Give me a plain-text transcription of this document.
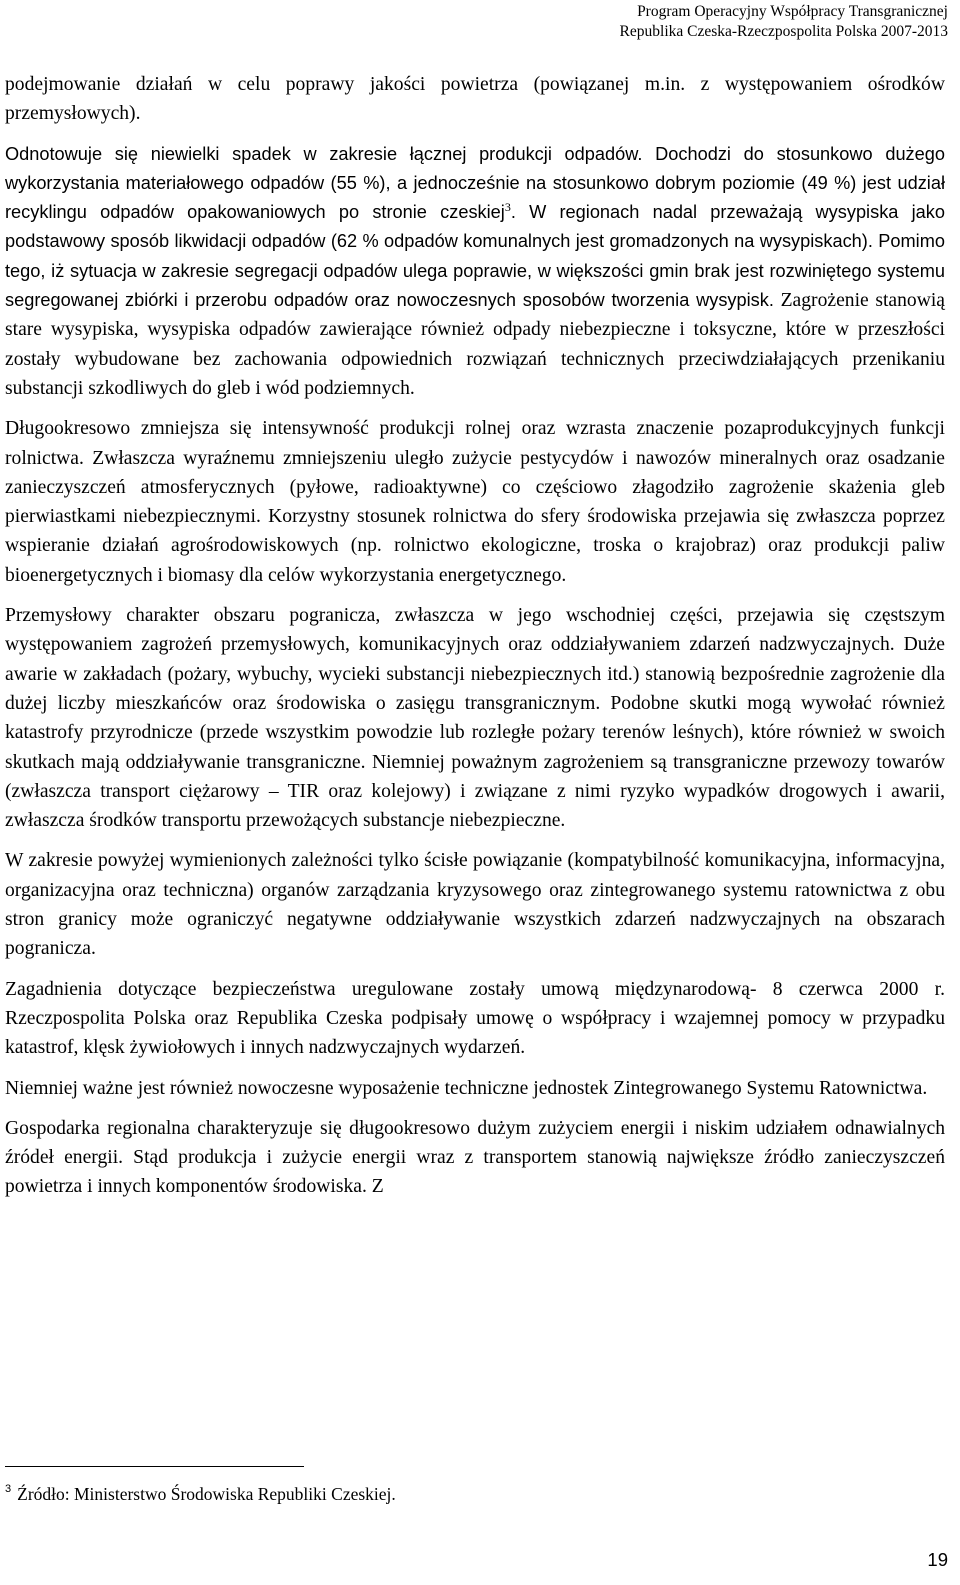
Program Operacyjny Współpracy Transgranicznej
Republika Czeska-Rzeczpospolita Polska 2007-2013

podejmowanie działań w celu poprawy jakości powietrza (powiązanej m.in. z występowaniem ośrodków przemysłowych).

Odnotowuje się niewielki spadek w zakresie łącznej produkcji odpadów. Dochodzi do stosunkowo dużego wykorzystania materiałowego odpadów (55 %), a jednocześnie na stosunkowo dobrym poziomie (49 %) jest udział recyklingu odpadów opakowaniowych po stronie czeskiej$^3$. W regionach nadal przeważają wysypiska jako podstawowy sposób likwidacji odpadów (62 % odpadów komunalnych jest gromadzonych na wysypiskach). Pomimo tego, iż sytuacja w zakresie segregacji odpadów ulega poprawie, w większości gmin brak jest rozwiniętego systemu segregowanej zbiórki i przerobu odpadów oraz nowoczesnych sposobów tworzenia wysypisk. Zagrożenie stanowią stare wysypiska, wysypiska odpadów zawierające również odpady niebezpieczne i toksyczne, które w przeszłości zostały wybudowane bez zachowania odpowiednich rozwiązań technicznych przeciwdziałających przenikaniu substancji szkodliwych do gleb i wód podziemnych.

Długookresowo zmniejsza się intensywność produkcji rolnej oraz wzrasta znaczenie pozaprodukcyjnych funkcji rolnictwa. Zwłaszcza wyraźnemu zmniejszeniu uległo zużycie pestycydów i nawozów mineralnych oraz osadzanie zanieczyszczeń atmosferycznych (pyłowe, radioaktywne) co częściowo złagodziło zagrożenie skażenia gleb pierwiastkami niebezpiecznymi. Korzystny stosunek rolnictwa do sfery środowiska przejawia się zwłaszcza poprzez wspieranie działań agrośrodowiskowych (np. rolnictwo ekologiczne, troska o krajobraz) oraz produkcji paliw bioenergetycznych i biomasy dla celów wykorzystania energetycznego.

Przemysłowy charakter obszaru pogranicza, zwłaszcza w jego wschodniej części, przejawia się częstszym występowaniem zagrożeń przemysłowych, komunikacyjnych oraz oddziaływaniem zdarzeń nadzwyczajnych. Duże awarie w zakładach (pożary, wybuchy, wycieki substancji niebezpiecznych itd.) stanowią bezpośrednie zagrożenie dla dużej liczby mieszkańców oraz środowiska o zasięgu transgranicznym. Podobne skutki mogą wywołać również katastrofy przyrodnicze (przede wszystkim powodzie lub rozległe pożary terenów leśnych), które również w swoich skutkach mają oddziaływanie transgraniczne. Niemniej poważnym zagrożeniem są transgraniczne przewozy towarów (zwłaszcza transport ciężarowy – TIR oraz kolejowy) i związane z nimi ryzyko wypadków drogowych i awarii, zwłaszcza środków transportu przewożących substancje niebezpieczne.

W zakresie powyżej wymienionych zależności tylko ścisłe powiązanie (kompatybilność komunikacyjna, informacyjna, organizacyjna oraz techniczna) organów zarządzania kryzysowego oraz zintegrowanego systemu ratownictwa z obu stron granicy może ograniczyć negatywne oddziaływanie wszystkich zdarzeń nadzwyczajnych na obszarach pogranicza.

Zagadnienia dotyczące bezpieczeństwa uregulowane zostały umową międzynarodową- 8 czerwca 2000 r. Rzeczpospolita Polska oraz Republika Czeska podpisały umowę o współpracy i wzajemnej pomocy w przypadku katastrof, klęsk żywiołowych i innych nadzwyczajnych wydarzeń.

Niemniej ważne jest również nowoczesne wyposażenie techniczne jednostek Zintegrowanego Systemu Ratownictwa.

Gospodarka regionalna charakteryzuje się długookresowo dużym zużyciem energii i niskim udziałem odnawialnych źródeł energii. Stąd produkcja i zużycie energii wraz z transportem stanowią największe źródło zanieczyszczeń powietrza i innych komponentów środowiska. Z

$^3$ Źródło: Ministerstwo Środowiska Republiki Czeskiej.
19
